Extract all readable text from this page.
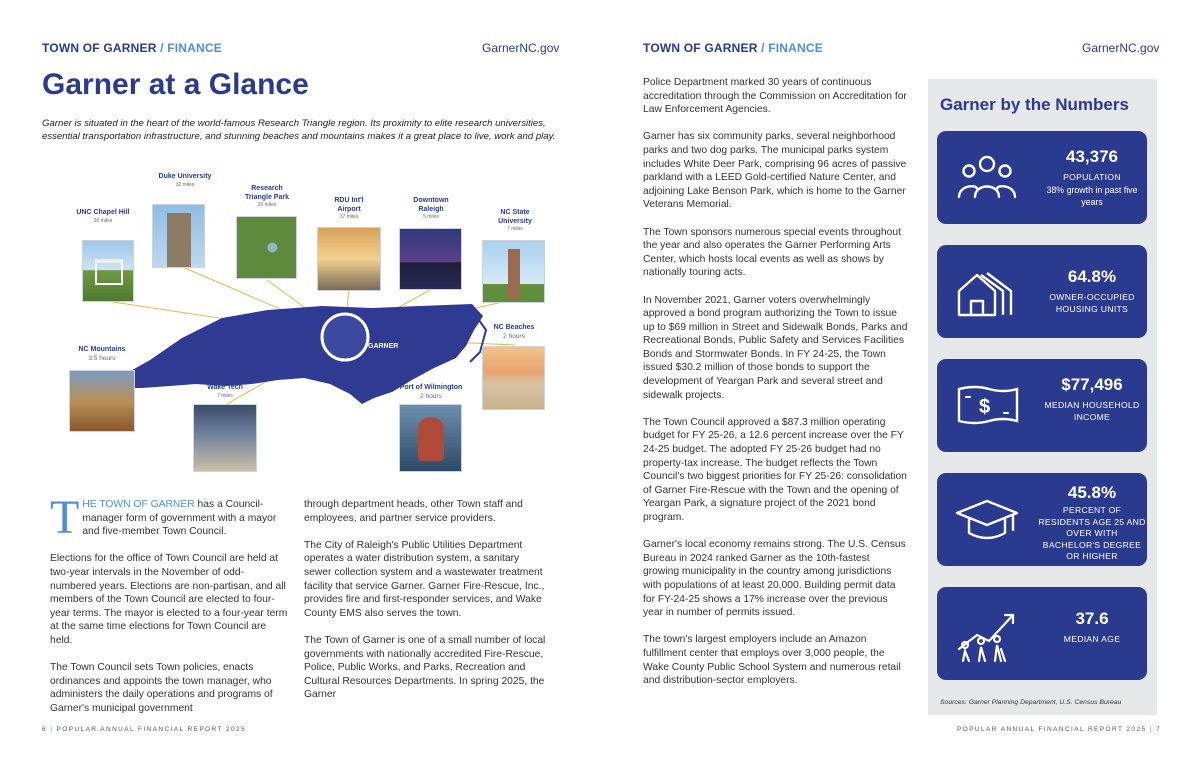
TOWN OF GARNER / FINANCE	GarnerNC.gov	TOWN OF GARNER / FINANCE	GarnerNC.gov
Garner at a Glance
Garner is situated in the heart of the world-famous Research Triangle region. Its proximity to elite research universities, essential transportation infrastructure, and stunning beaches and mountains makes it a great place to live, work and play.
GARNER
UNC Chapel Hill
30 miles
Duke University
32 miles
Research Triangle Park
20 miles
RDU Int'l Airport
17 miles
Downtown Raleigh
5 miles
NC State University
7 miles
NC Mountains
3.5 hours
NC Beaches
2 hours
Wake Tech
7 miles
Port of Wilmington
2 hours

THE TOWN OF GARNER has a Council-manager form of government with a mayor and five-member Town Council.

Elections for the office of Town Council are held at two-year intervals in the November of odd-numbered years. Elections are non-partisan, and all members of the Town Council are elected to four-year terms. The mayor is elected to a four-year term at the same time elections for Town Council are held.

The Town Council sets Town policies, enacts ordinances and appoints the town manager, who administers the daily operations and programs of Garner's municipal government

through department heads, other Town staff and employees, and partner service providers.

The City of Raleigh's Public Utilities Department operates a water distribution system, a sanitary sewer collection system and a wastewater treatment facility that service Garner. Garner Fire-Rescue, Inc., provides fire and first-responder services, and Wake County EMS also serves the town.

The Town of Garner is one of a small number of local governments with nationally accredited Fire-Rescue, Police, Public Works, and Parks, Recreation and Cultural Resources Departments. In spring 2025, the Garner

Police Department marked 30 years of continuous accreditation through the Commission on Accreditation for Law Enforcement Agencies.

Garner has six community parks, several neighborhood parks and two dog parks. The municipal parks system includes White Deer Park, comprising 96 acres of passive parkland with a LEED Gold-certified Nature Center, and adjoining Lake Benson Park, which is home to the Garner Veterans Memorial.

The Town sponsors numerous special events throughout the year and also operates the Garner Performing Arts Center, which hosts local events as well as shows by nationally touring acts.

In November 2021, Garner voters overwhelmingly approved a bond program authorizing the Town to issue up to $69 million in Street and Sidewalk Bonds, Parks and Recreational Bonds, Public Safety and Services Facilities Bonds and Stormwater Bonds. In FY 24-25, the Town issued $30.2 million of those bonds to support the development of Yeargan Park and several street and sidewalk projects.

The Town Council approved a $87.3 million operating budget for FY 25-26, a 12.6 percent increase over the FY 24-25 budget. The adopted FY 25-26 budget had no property-tax increase. The budget reflects the Town Council's two biggest priorities for FY 25-26: consolidation of Garner Fire-Rescue with the Town and the opening of Yeargan Park, a signature project of the 2021 bond program.

Garner's local economy remains strong. The U.S. Census Bureau in 2024 ranked Garner as the 10th-fastest growing municipality in the country among jurisdictions with populations of at least 20,000. Building permit data for FY-24-25 shows a 17% increase over the previous year in number of permits issued.

The town's largest employers include an Amazon fulfillment center that employs over 3,000 people, the Wake County Public School System and numerous retail and distribution-sector employers.

Garner by the Numbers
43,376
POPULATION
38% growth in past five years
64.8%
OWNER-OCCUPIED HOUSING UNITS
$
$77,496
MEDIAN HOUSEHOLD INCOME
45.8%
PERCENT OF RESIDENTS AGE 25 AND OVER WITH BACHELOR'S DEGREE OR HIGHER
37.6
MEDIAN AGE
Sources: Garner Planning Department, U.S. Census Bureau
6 | POPULAR ANNUAL FINANCIAL REPORT 2025	POPULAR ANNUAL FINANCIAL REPORT 2025 | 7
